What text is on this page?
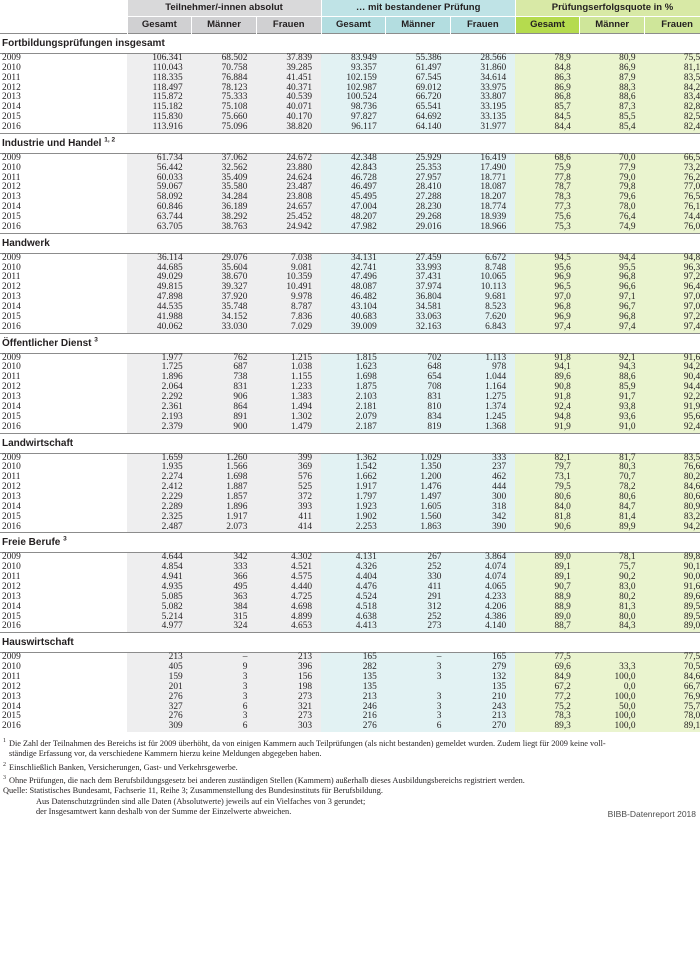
	Teilnehmer/-innen absolut			… mit bestandener Prüfung			Prüfungserfolgsquote in %		
	Gesamt	Männer	Frauen	Gesamt	Männer	Frauen	Gesamt	Männer	Frauen
Fortbildungsprüfungen insgesamt									
2009	106.341	68.502	37.839	83.949	55.386	28.566	78,9	80,9	75,5
2010	110.043	70.758	39.285	93.357	61.497	31.860	84,8	86,9	81,1
2011	118.335	76.884	41.451	102.159	67.545	34.614	86,3	87,9	83,5
2012	118.497	78.123	40.371	102.987	69.012	33.975	86,9	88,3	84,2
2013	115.872	75.333	40.539	100.524	66.720	33.807	86,8	88,6	83,4
2014	115.182	75.108	40.071	98.736	65.541	33.195	85,7	87,3	82,8
2015	115.830	75.660	40.170	97.827	64.692	33.135	84,5	85,5	82,5
2016	113.916	75.096	38.820	96.117	64.140	31.977	84,4	85,4	82,4
Industrie und Handel $^{1, 2}$
2009	61.734	37.062	24.672	42.348	25.929	16.419	68,6	70,0	66,5
2010	56.442	32.562	23.880	42.843	25.353	17.490	75,9	77,9	73,2
2011	60.033	35.409	24.624	46.728	27.957	18.771	77,8	79,0	76,2
2012	59.067	35.580	23.487	46.497	28.410	18.087	78,7	79,8	77,0
2013	58.092	34.284	23.808	45.495	27.288	18.207	78,3	79,6	76,5
2014	60.846	36.189	24.657	47.004	28.230	18.774	77,3	78,0	76,1
2015	63.744	38.292	25.452	48.207	29.268	18.939	75,6	76,4	74,4
2016	63.705	38.763	24.942	47.982	29.016	18.966	75,3	74,9	76,0
Handwerk									
2009	36.114	29.076	7.038	34.131	27.459	6.672	94,5	94,4	94,8
2010	44.685	35.604	9.081	42.741	33.993	8.748	95,6	95,5	96,3
2011	49.029	38.670	10.359	47.496	37.431	10.065	96,9	96,8	97,2
2012	49.815	39.327	10.491	48.087	37.974	10.113	96,5	96,6	96,4
2013	47.898	37.920	9.978	46.482	36.804	9.681	97,0	97,1	97,0
2014	44.535	35.748	8.787	43.104	34.581	8.523	96,8	96,7	97,0
2015	41.988	34.152	7.836	40.683	33.063	7.620	96,9	96,8	97,2
2016	40.062	33.030	7.029	39.009	32.163	6.843	97,4	97,4	97,4
Öffentlicher Dienst $^3$
2009	1.977	762	1.215	1.815	702	1.113	91,8	92,1	91,6
2010	1.725	687	1.038	1.623	648	978	94,1	94,3	94,2
2011	1.896	738	1.155	1.698	654	1.044	89,6	88,6	90,4
2012	2.064	831	1.233	1.875	708	1.164	90,8	85,9	94,4
2013	2.292	906	1.383	2.103	831	1.275	91,8	91,7	92,2
2014	2.361	864	1.494	2.181	810	1.374	92,4	93,8	91,9
2015	2.193	891	1.302	2.079	834	1.245	94,8	93,6	95,6
2016	2.379	900	1.479	2.187	819	1.368	91,9	91,0	92,4
Landwirtschaft									
2009	1.659	1.260	399	1.362	1.029	333	82,1	81,7	83,5
2010	1.935	1.566	369	1.542	1.350	237	79,7	80,3	76,6
2011	2.274	1.698	576	1.662	1.200	462	73,1	70,7	80,2
2012	2.412	1.887	525	1.917	1.476	444	79,5	78,2	84,6
2013	2.229	1.857	372	1.797	1.497	300	80,6	80,6	80,6
2014	2.289	1.896	393	1.923	1.605	318	84,0	84,7	80,9
2015	2.325	1.917	411	1.902	1.560	342	81,8	81,4	83,2
2016	2.487	2.073	414	2.253	1.863	390	90,6	89,9	94,2
Freie Berufe $^3$
2009	4.644	342	4.302	4.131	267	3.864	89,0	78,1	89,8
2010	4.854	333	4.521	4.326	252	4.074	89,1	75,7	90,1
2011	4.941	366	4.575	4.404	330	4.074	89,1	90,2	90,0
2012	4.935	495	4.440	4.476	411	4.065	90,7	83,0	91,6
2013	5.085	363	4.725	4.524	291	4.233	88,9	80,2	89,6
2014	5.082	384	4.698	4.518	312	4.206	88,9	81,3	89,5
2015	5.214	315	4.899	4.638	252	4.386	89,0	80,0	89,5
2016	4.977	324	4.653	4.413	273	4.140	88,7	84,3	89,0
Hauswirtschaft									
2009	213	–	213	165	–	165	77,5		77,5
2010	405	9	396	282	3	279	69,6	33,3	70,5
2011	159	3	156	135	3	132	84,9	100,0	84,6
2012	201	3	198	135		135	67,2	0,0	66,7
2013	276	3	273	213	3	210	77,2	100,0	76,9
2014	327	6	321	246	3	243	75,2	50,0	75,7
2015	276	3	273	216	3	213	78,3	100,0	78,0
2016	309	6	303	276	6	270	89,3	100,0	89,1
$^1$ Die Zahl der Teilnahmen des Bereichs ist für 2009 überhöht, da von einigen Kammern auch Teilprüfungen (als nicht bestanden) gemeldet wurden. Zudem liegt für 2009 keine voll-
ständige Erfassung vor, da verschiedene Kammern hierzu keine Meldungen abgegeben haben.
$^2$ Einschließlich Banken, Versicherungen, Gast- und Verkehrsgewerbe.
$^3$ Ohne Prüfungen, die nach dem Berufsbildungsgesetz bei anderen zuständigen Stellen (Kammern) außerhalb dieses Ausbildungsbereichs registriert werden.
Quelle: Statistisches Bundesamt, Fachserie 11, Reihe 3; Zusammenstellung des Bundesinstituts für Berufsbildung.
Aus Datenschutzgründen sind alle Daten (Absolutwerte) jeweils auf ein Vielfaches von 3 gerundet;
der Insgesamtwert kann deshalb von der Summe der Einzelwerte abweichen.	BIBB-Datenreport 2018
